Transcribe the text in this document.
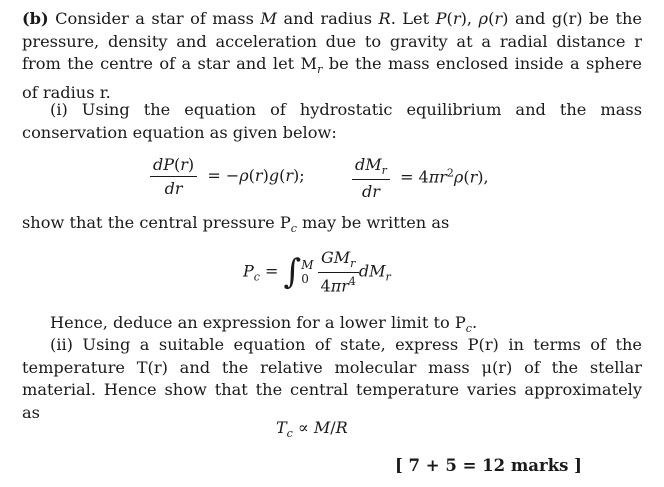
(b) Consider a star of mass M and radius R. Let P(r), ρ(r) and g(r) be the pressure, density and acceleration due to gravity at a radial distance r from the centre of a star and let $M_r$ be the mass enclosed inside a sphere of radius r.
(i) Using the equation of hydrostatic equilibrium and the mass conservation equation as given below:
$\frac{dP(r)}{dr} = -\rho(r)g(r)$;	$\frac{dM_r}{dr} = 4\pi r^2\rho(r)$,
show that the central pressure $P_c$ may be written as
$P_c = \int M$
$0 \frac{GM_r}{4\pi r^4} dM_r$
Hence, deduce an expression for a lower limit to $P_c$.
(ii) Using a suitable equation of state, express P(r) in terms of the temperature T(r) and the relative molecular mass μ(r) of the stellar material. Hence show that the central temperature varies approximately as
$T_c \propto M/R$
[ 7 + 5 = 12 marks ]
